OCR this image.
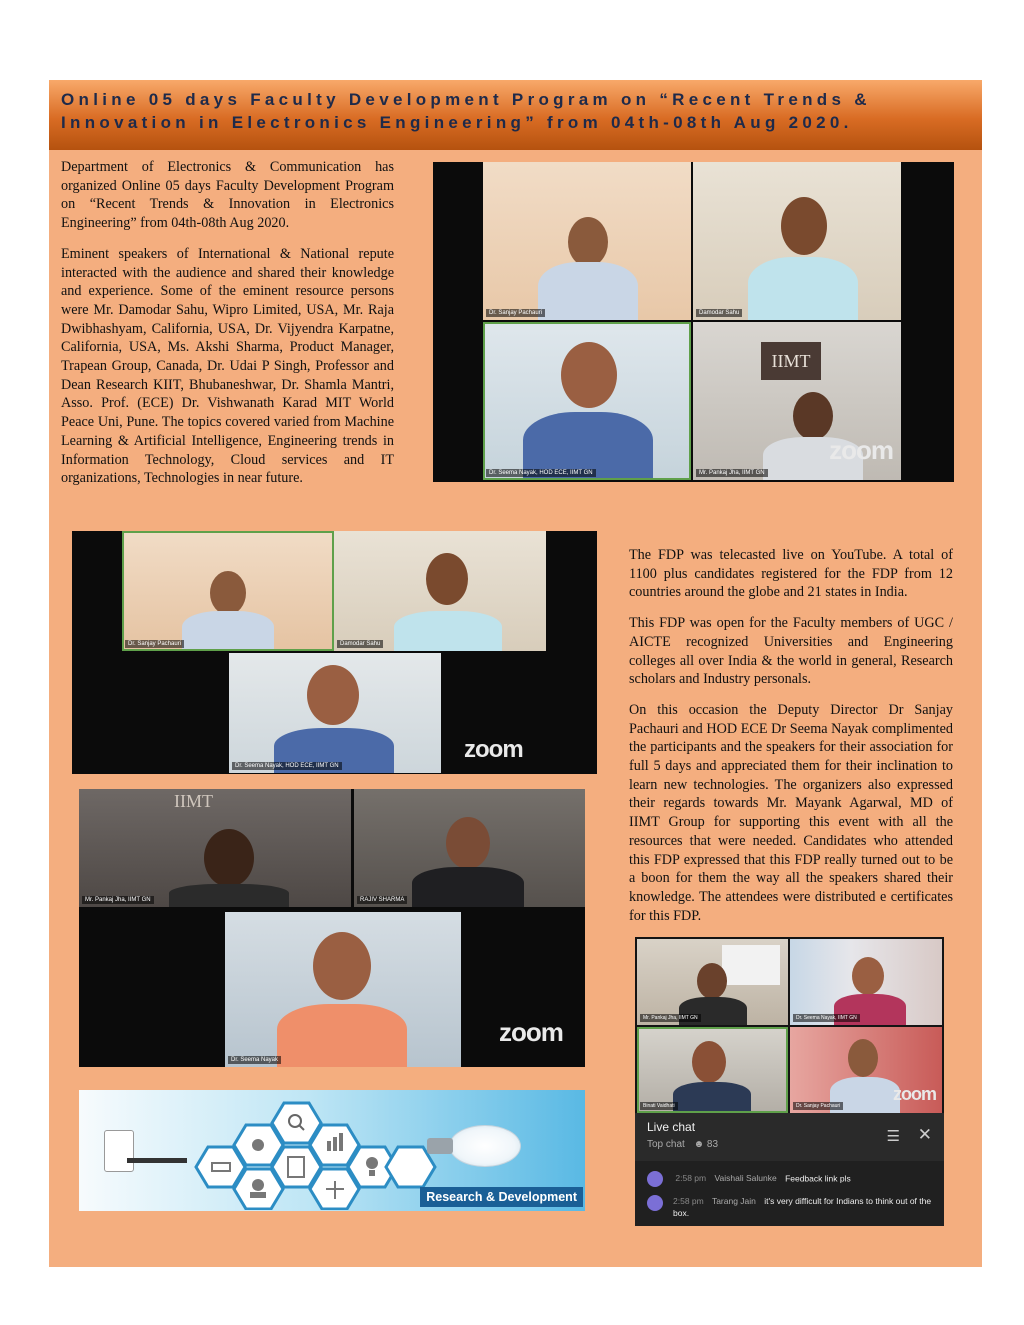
Online 05 days Faculty Development Program on “Recent Trends & Innovation in Electronics Engineering” from 04th-08th Aug 2020.

Department of Electronics & Communication has organized Online 05 days Faculty Development Program on “Recent Trends & Innovation in Electronics Engineering” from 04th-08th Aug 2020.

Eminent speakers of International & National repute interacted with the audience and shared their knowledge and experience. Some of the eminent resource persons were Mr. Damodar Sahu, Wipro Limited, USA, Mr. Raja Dwibhashyam, California, USA, Dr. Vijyendra Karpatne, California, USA, Ms. Akshi Sharma, Product Manager, Trapean Group, Canada, Dr. Udai P Singh, Professor and Dean Research KIIT, Bhubaneshwar, Dr. Shamla Mantri, Asso. Prof. (ECE) Dr. Vishwanath Karad MIT World Peace Uni, Pune. The topics covered varied from Machine Learning & Artificial Intelligence, Engineering trends in Information Technology, Cloud services and IT organizations, Technologies in near future.

The FDP was telecasted live on YouTube. A total of 1100 plus candidates registered for the FDP from 12 countries around the globe and 21 states in India.

This FDP was open for the Faculty members of UGC / AICTE recognized Universities and Engineering colleges all over India & the world in general, Research scholars and Industry personals.

On this occasion the Deputy Director Dr Sanjay Pachauri and HOD ECE Dr Seema Nayak complimented the participants and the speakers for their association for full 5 days and appreciated them for their inclination to learn new technologies. The organizers also expressed their regards towards Mr. Mayank Agarwal, MD of IIMT Group for supporting this event with all the resources that were needed. Candidates who attended this FDP expressed that this FDP really turned out to be a boon for them the way all the speakers shared their knowledge. The attendees were distributed e certificates for this FDP.

Dr. Sanjay Pachauri	Damodar Sahu
Dr. Seema Nayak, HOD ECE, IIMT GN
IIMT
zoom
Mr. Pankaj Jha, IIMT GN
Dr. Sanjay Pachauri	Damodar Sahu
Dr. Seema Nayak, HOD ECE, IIMT GN
zoom
IIMT
Mr. Pankaj Jha, IIMT GN	RAJIV SHARMA
Dr. Seema Nayak
zoom
Research & Development
Mr. Pankaj Jha, IIMT GN	Dr. Seema Nayak, IIMT GN
Binati Vaidhati
zoom
Dr. Sanjay Pachauri
Live chat
Top chat ☻ 83	☰ ✕
2:58 pm Vaishali Salunke Feedback link pls
2:58 pm Tarang Jain it's very difficult for Indians to think out of the box.
